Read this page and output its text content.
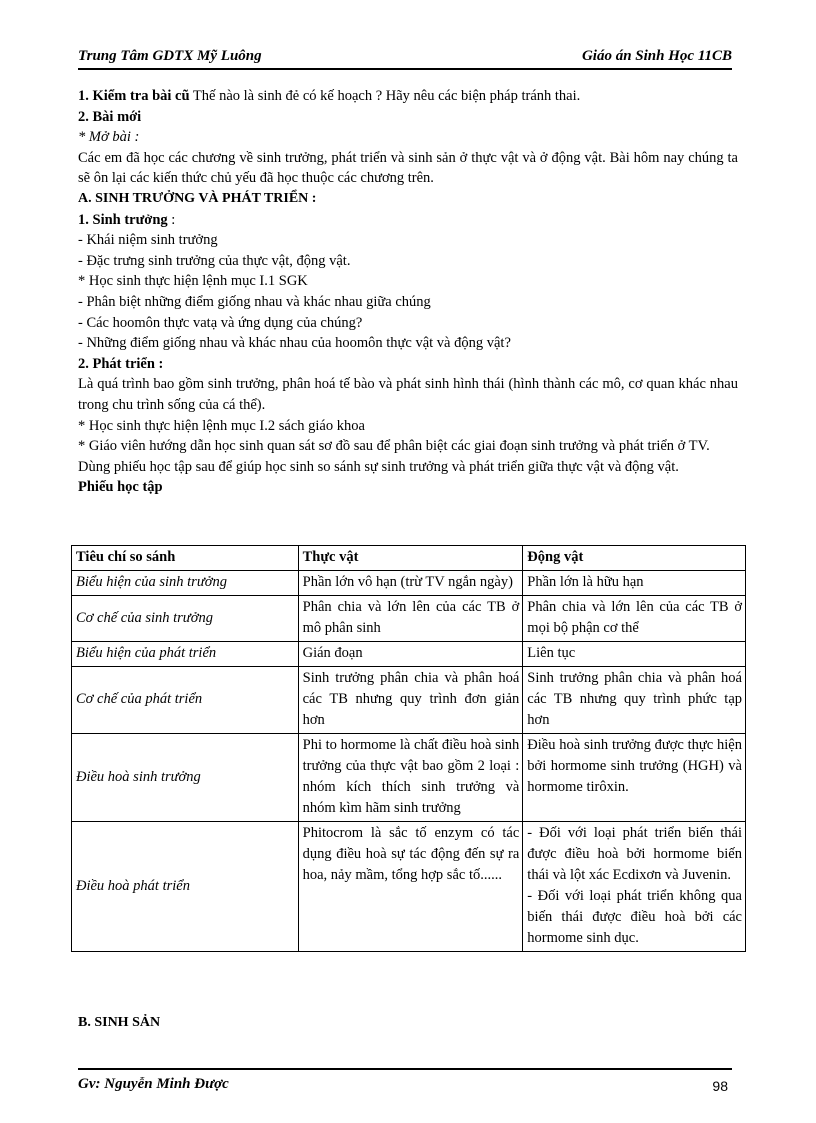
Trung Tâm GDTX Mỹ Luông	Giáo án Sinh Học 11CB

1. Kiểm tra bài cũ Thế nào là sinh đẻ có kế hoạch ? Hãy nêu các biện pháp tránh thai.

2. Bài mới

* Mở bài :

Các em đã học các chương về sinh trưởng, phát triển và sinh sản ở thực vật và ở động vật. Bài hôm nay chúng ta sẽ ôn lại các kiến thức chủ yếu đã học thuộc các chương trên.

A. SINH TRƯỞNG VÀ PHÁT TRIỂN :

1. Sinh trưởng :

- Khái niệm sinh trưởng

- Đặc trưng sinh trưởng của thực vật, động vật.

* Học sinh thực hiện lệnh mục I.1 SGK

- Phân biệt những điểm giống nhau và khác nhau giữa chúng

- Các hoomôn thực vatạ và ứng dụng của chúng?

- Những điểm giống nhau và khác nhau của hoomôn thực vật và động vật?

2. Phát triển :

Là quá trình bao gồm sinh trưởng, phân hoá tế bào và phát sinh hình thái (hình thành các mô, cơ quan khác nhau trong chu trình sống của cá thể).

* Học sinh thực hiện lệnh mục I.2 sách giáo khoa

* Giáo viên hướng dẫn học sinh quan sát sơ đồ sau để phân biệt các giai đoạn sinh trưởng và phát triển ở TV.

Dùng phiếu học tập sau để giúp học sinh so sánh sự sinh trưởng và phát triển giữa thực vật và động vật.

Phiếu học tập

Tiêu chí so sánh	Thực vật	Động vật
Biểu hiện của sinh trưởng	Phần lớn vô hạn (trừ TV ngắn ngày)	Phần lớn là hữu hạn
Cơ chế của sinh trưởng	Phân chia và lớn lên của các TB ở mô phân sinh	Phân chia và lớn lên của các TB ở mọi bộ phận cơ thể
Biểu hiện của phát triển	Gián đoạn	Liên tục
Cơ chế của phát triển	Sinh trưởng phân chia và phân hoá các TB nhưng quy trình đơn giản hơn	Sinh trưởng phân chia và phân hoá các TB nhưng quy trình phức tạp hơn
Điều hoà sinh trưởng	Phi to hormome là chất điều hoà sinh trưởng của thực vật bao gồm 2 loại : nhóm kích thích sinh trưởng và nhóm kìm hãm sinh trưởng	Điều hoà sinh trưởng được thực hiện bởi hormome sinh trưởng (HGH) và hormome tirôxin.
Điều hoà phát triển	Phitocrom là sắc tố enzym có tác dụng điều hoà sự tác động đến sự ra hoa, nảy mầm, tổng hợp sắc tố......	- Đối với loại phát triển biến thái được điều hoà bởi hormome biến thái và lột xác Ecdixơn và Juvenin.
- Đối với loại phát triển không qua biến thái được điều hoà bởi các hormome sinh dục.
B. SINH SẢN
Gv: Nguyễn Minh Được	98
